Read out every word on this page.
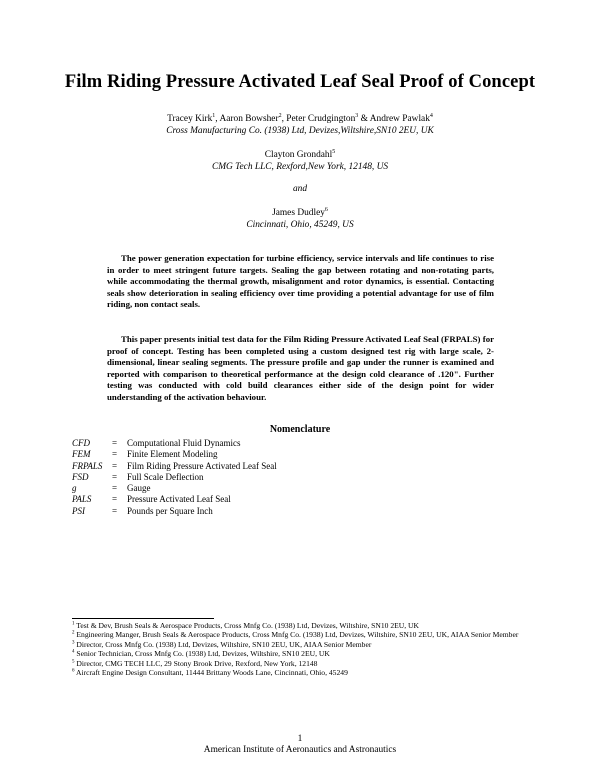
Film Riding Pressure Activated Leaf Seal Proof of Concept
Tracey Kirk$^1$, Aaron Bowsher$^2$, Peter Crudgington$^3$ & Andrew Pawlak$^4$
Cross Manufacturing Co. (1938) Ltd, Devizes,Wiltshire,SN10 2EU, UK
Clayton Grondahl$^5$
CMG Tech LLC, Rexford,New York, 12148, US
and
James Dudley$^6$
Cincinnati, Ohio, 45249, US
The power generation expectation for turbine efficiency, service intervals and life continues to rise in order to meet stringent future targets. Sealing the gap between rotating and non-rotating parts, while accommodating the thermal growth, misalignment and rotor dynamics, is essential. Contacting seals show deterioration in sealing efficiency over time providing a potential advantage for use of film riding, non contact seals.
This paper presents initial test data for the Film Riding Pressure Activated Leaf Seal (FRPALS) for proof of concept. Testing has been completed using a custom designed test rig with large scale, 2-dimensional, linear sealing segments. The pressure profile and gap under the runner is examined and reported with comparison to theoretical performance at the design cold clearance of .120". Further testing was conducted with cold build clearances either side of the design point for wider understanding of the activation behaviour.
Nomenclature
CFD	=	Computational Fluid Dynamics
FEM	=	Finite Element Modeling
FRPALS	=	Film Riding Pressure Activated Leaf Seal
FSD	=	Full Scale Deflection
g	=	Gauge
PALS	=	Pressure Activated Leaf Seal
PSI	=	Pounds per Square Inch
$^1$ Test & Dev, Brush Seals & Aerospace Products, Cross Mnfg Co. (1938) Ltd, Devizes, Wiltshire, SN10 2EU, UK
$^2$ Engineering Manger, Brush Seals & Aerospace Products, Cross Mnfg Co. (1938) Ltd, Devizes, Wiltshire, SN10 2EU, UK, AIAA Senior Member
$^3$ Director, Cross Mnfg Co. (1938) Ltd, Devizes, Wiltshire, SN10 2EU, UK, AIAA Senior Member
$^4$ Senior Technician, Cross Mnfg Co. (1938) Ltd, Devizes, Wiltshire, SN10 2EU, UK
$^5$ Director, CMG TECH LLC, 29 Stony Brook Drive, Rexford, New York, 12148
$^6$ Aircraft Engine Design Consultant, 11444 Brittany Woods Lane, Cincinnati, Ohio, 45249
1
American Institute of Aeronautics and Astronautics
